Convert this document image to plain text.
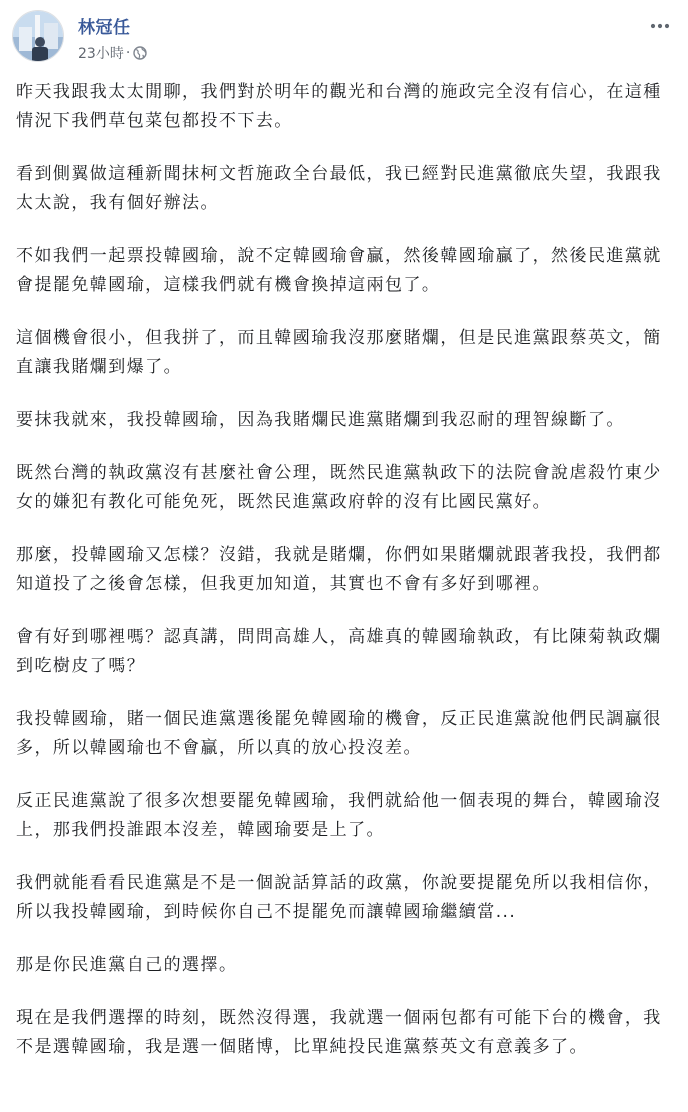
林冠任
23小時 ·

昨天我跟我太太閒聊，我們對於明年的觀光和台灣的施政完全沒有信心，在這種情況下我們草包菜包都投不下去。

看到側翼做這種新聞抹柯文哲施政全台最低，我已經對民進黨徹底失望，我跟我太太說，我有個好辦法。

不如我們一起票投韓國瑜，說不定韓國瑜會贏，然後韓國瑜贏了，然後民進黨就會提罷免韓國瑜，這樣我們就有機會換掉這兩包了。

這個機會很小，但我拼了，而且韓國瑜我沒那麼賭爛，但是民進黨跟蔡英文，簡直讓我賭爛到爆了。

要抹我就來，我投韓國瑜，因為我賭爛民進黨賭爛到我忍耐的理智線斷了。

既然台灣的執政黨沒有甚麼社會公理，既然民進黨執政下的法院會說虐殺竹東少女的嫌犯有教化可能免死，既然民進黨政府幹的沒有比國民黨好。

那麼，投韓國瑜又怎樣？沒錯，我就是賭爛，你們如果賭爛就跟著我投，我們都知道投了之後會怎樣，但我更加知道，其實也不會有多好到哪裡。

會有好到哪裡嗎？認真講，問問高雄人，高雄真的韓國瑜執政，有比陳菊執政爛到吃樹皮了嗎？

我投韓國瑜，賭一個民進黨選後罷免韓國瑜的機會，反正民進黨說他們民調贏很多，所以韓國瑜也不會贏，所以真的放心投沒差。

反正民進黨說了很多次想要罷免韓國瑜，我們就給他一個表現的舞台，韓國瑜沒上，那我們投誰跟本沒差，韓國瑜要是上了。

我們就能看看民進黨是不是一個說話算話的政黨，你說要提罷免所以我相信你，所以我投韓國瑜，到時候你自己不提罷免而讓韓國瑜繼續當...

那是你民進黨自己的選擇。

現在是我們選擇的時刻，既然沒得選，我就選一個兩包都有可能下台的機會，我不是選韓國瑜，我是選一個賭博，比單純投民進黨蔡英文有意義多了。
